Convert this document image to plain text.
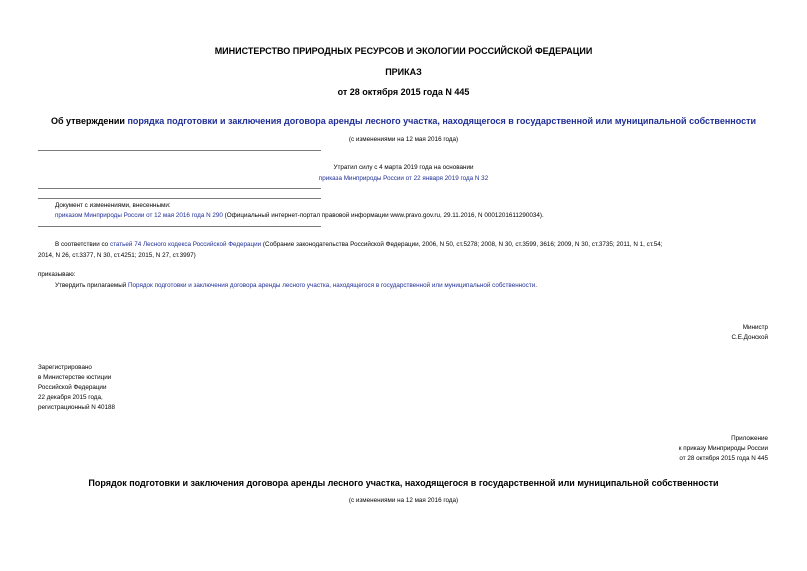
МИНИСТЕРСТВО ПРИРОДНЫХ РЕСУРСОВ И ЭКОЛОГИИ РОССИЙСКОЙ ФЕДЕРАЦИИ
ПРИКАЗ
от 28 октября 2015 года N 445
Об утверждении порядка подготовки и заключения договора аренды лесного участка, находящегося в государственной или муниципальной собственности
(с изменениями на 12 мая 2016 года)
Утратил силу с 4 марта 2019 года на основании
приказа Минприроды России от 22 января 2019 года N 32
Документ с изменениями, внесенными:
приказом Минприроды России от 12 мая 2016 года N 290 (Официальный интернет-портал правовой информации www.pravo.gov.ru, 29.11.2016, N 0001201611290034).
В соответствии со статьей 74 Лесного кодекса Российской Федерации (Собрание законодательства Российской Федерации, 2006, N 50, ст.5278; 2008, N 30, ст.3599, 3616; 2009, N 30, ст.3735; 2011, N 1, ст.54;
2014, N 26, ст.3377, N 30, ст.4251; 2015, N 27, ст.3997)
приказываю:
Утвердить прилагаемый Порядок подготовки и заключения договора аренды лесного участка, находящегося в государственной или муниципальной собственности.
Министр
С.Е.Донской
Зарегистрировано
в Министерстве юстиции
Российской Федерации
22 декабря 2015 года,
регистрационный N 40188
Приложение
к приказу Минприроды России
от 28 октября 2015 года N 445
Порядок подготовки и заключения договора аренды лесного участка, находящегося в государственной или муниципальной собственности
(с изменениями на 12 мая 2016 года)
